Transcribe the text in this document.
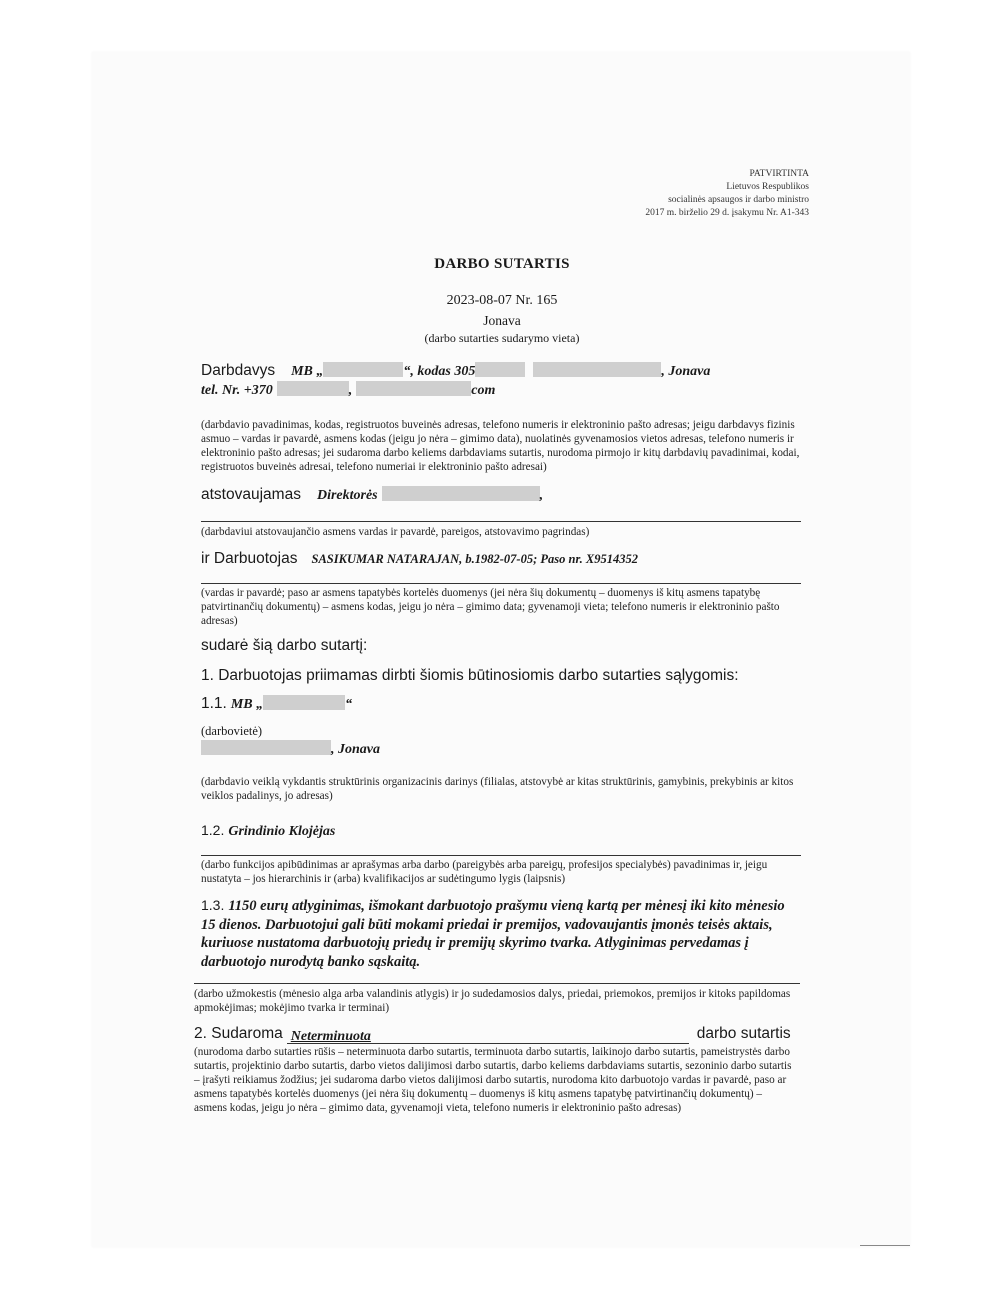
PATVIRTINTA
Lietuvos Respublikos
socialinės apsaugos ir darbo ministro
2017 m. birželio 29 d. įsakymu Nr. A1-343
DARBO SUTARTIS
2023-08-07 Nr. 165
Jonava
(darbo sutarties sudarymo vieta)
Darbdavys MB „	“, kodas 305	, Jonava
tel. Nr. +370	,	com
(darbdavio pavadinimas, kodas, registruotos buveinės adresas, telefono numeris ir elektroninio pašto adresas; jeigu darbdavys fizinis asmuo – vardas ir pavardė, asmens kodas (jeigu jo nėra – gimimo data), nuolatinės gyvenamosios vietos adresas, telefono numeris ir elektroninio pašto adresas; jei sudaroma darbo keliems darbdaviams sutartis, nurodoma pirmojo ir kitų darbdavių pavadinimai, kodai, registruotos buveinės adresai, telefono numeriai ir elektroninio pašto adresai)
atstovaujamas Direktorės	,
(darbdaviui atstovaujančio asmens vardas ir pavardė, pareigos, atstovavimo pagrindas)
ir Darbuotojas SASIKUMAR NATARAJAN, b.1982-07-05; Paso nr. X9514352
(vardas ir pavardė; paso ar asmens tapatybės kortelės duomenys (jei nėra šių dokumentų – duomenys iš kitų asmens tapatybę patvirtinančių dokumentų) – asmens kodas, jeigu jo nėra – gimimo data; gyvenamoji vieta; telefono numeris ir elektroninio pašto adresas)
sudarė šią darbo sutartį:
1. Darbuotojas priimamas dirbti šiomis būtinosiomis darbo sutarties sąlygomis:
1.1. MB „	“
(darbovietė)
, Jonava
(darbdavio veiklą vykdantis struktūrinis organizacinis darinys (filialas, atstovybė ar kitas struktūrinis, gamybinis, prekybinis ar kitos veiklos padalinys, jo adresas)
1.2. Grindinio Klojėjas
(darbo funkcijos apibūdinimas ar aprašymas arba darbo (pareigybės arba pareigų, profesijos specialybės) pavadinimas ir, jeigu nustatyta – jos hierarchinis ir (arba) kvalifikacijos ar sudėtingumo lygis (laipsnis)
1.3. 1150 eurų atlyginimas, išmokant darbuotojo prašymu vieną kartą per mėnesį iki kito mėnesio 15 dienos. Darbuotojui gali būti mokami priedai ir premijos, vadovaujantis įmonės teisės aktais, kuriuose nustatoma darbuotojų priedų ir premijų skyrimo tvarka. Atlyginimas pervedamas į darbuotojo nurodytą banko sąskaitą.
(darbo užmokestis (mėnesio alga arba valandinis atlygis) ir jo sudedamosios dalys, priedai, priemokos, premijos ir kitoks papildomas apmokėjimas; mokėjimo tvarka ir terminai)
2. Sudaroma Neterminuota	darbo sutartis
(nurodoma darbo sutarties rūšis – neterminuota darbo sutartis, terminuota darbo sutartis, laikinojo darbo sutartis, pameistrystės darbo sutartis, projektinio darbo sutartis, darbo vietos dalijimosi darbo sutartis, darbo keliems darbdaviams sutartis, sezoninio darbo sutartis – įrašyti reikiamus žodžius; jei sudaroma darbo vietos dalijimosi darbo sutartis, nurodoma kito darbuotojo vardas ir pavardė, paso ar asmens tapatybės kortelės duomenys (jei nėra šių dokumentų – duomenys iš kitų asmens tapatybę patvirtinančių dokumentų) – asmens kodas, jeigu jo nėra – gimimo data, gyvenamoji vieta, telefono numeris ir elektroninio pašto adresas)
